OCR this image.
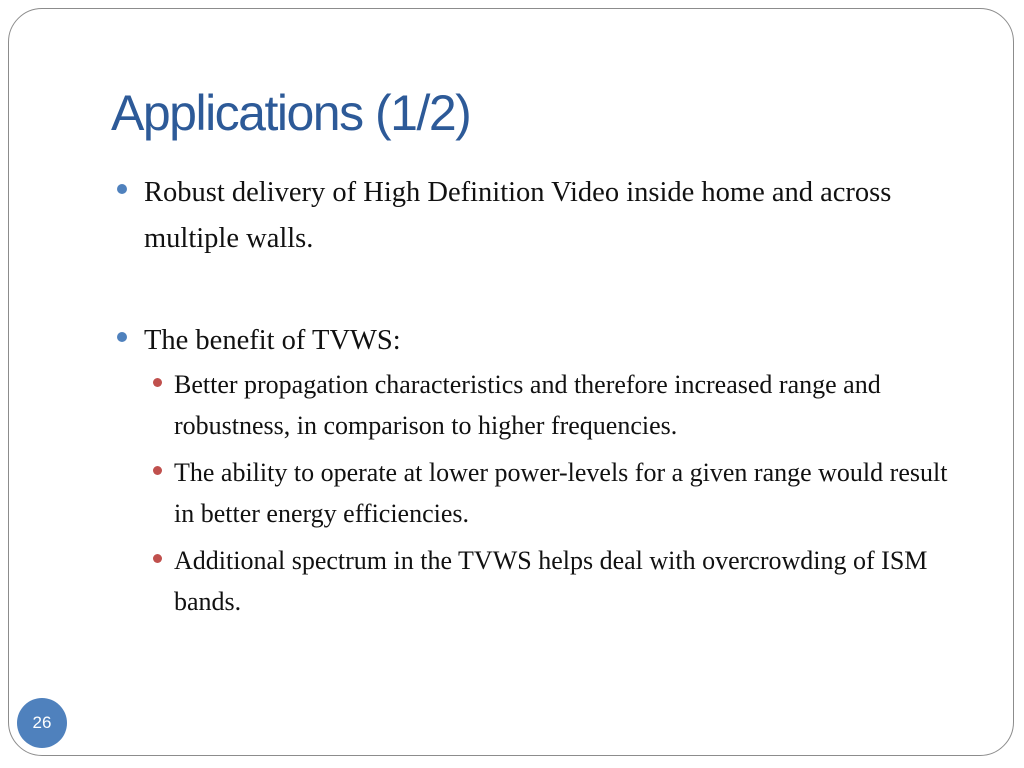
Applications (1/2)
Robust delivery of High Definition Video inside home and across multiple walls.
The benefit of TVWS:
Better propagation characteristics and therefore increased range and robustness, in comparison to higher frequencies.
The ability to operate at lower power-levels for a given range would result in better energy efficiencies.
Additional spectrum in the TVWS helps deal with overcrowding of ISM bands.
26
